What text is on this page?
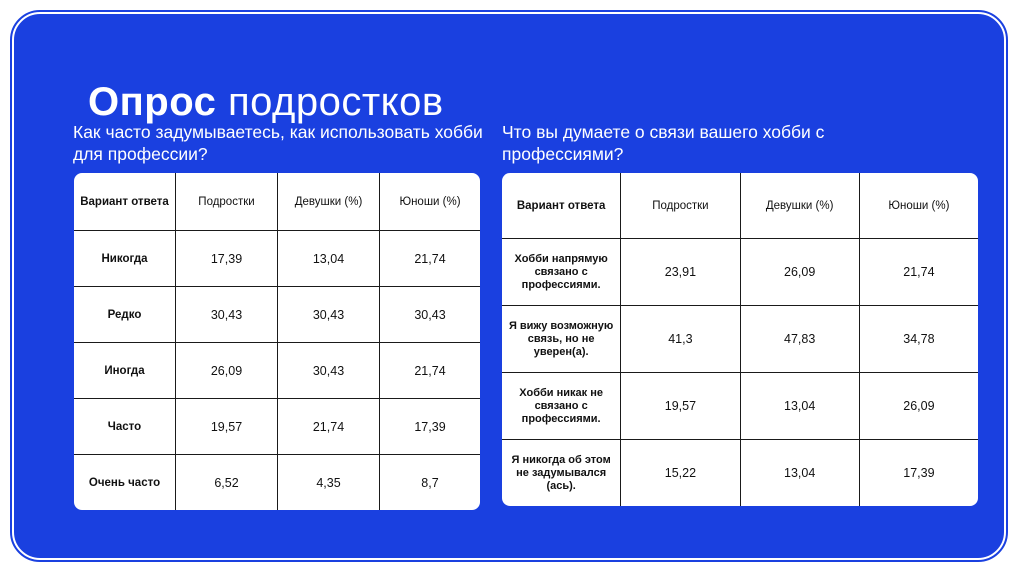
Опрос подростков

Как часто задумываетесь, как использовать хобби для профессии?

Что вы думаете о связи вашего хобби с профессиями?

Вариант ответа	Подростки	Девушки (%)	Юноши (%)
Никогда	17,39	13,04	21,74
Редко	30,43	30,43	30,43
Иногда	26,09	30,43	21,74
Часто	19,57	21,74	17,39
Очень часто	6,52	4,35	8,7
Вариант ответа	Подростки	Девушки (%)	Юноши (%)
Хобби напрямую связано с профессиями.	23,91	26,09	21,74
Я вижу возможную связь, но не уверен(а).	41,3	47,83	34,78
Хобби никак не связано с профессиями.	19,57	13,04	26,09
Я никогда об этом не задумывался (ась).	15,22	13,04	17,39
